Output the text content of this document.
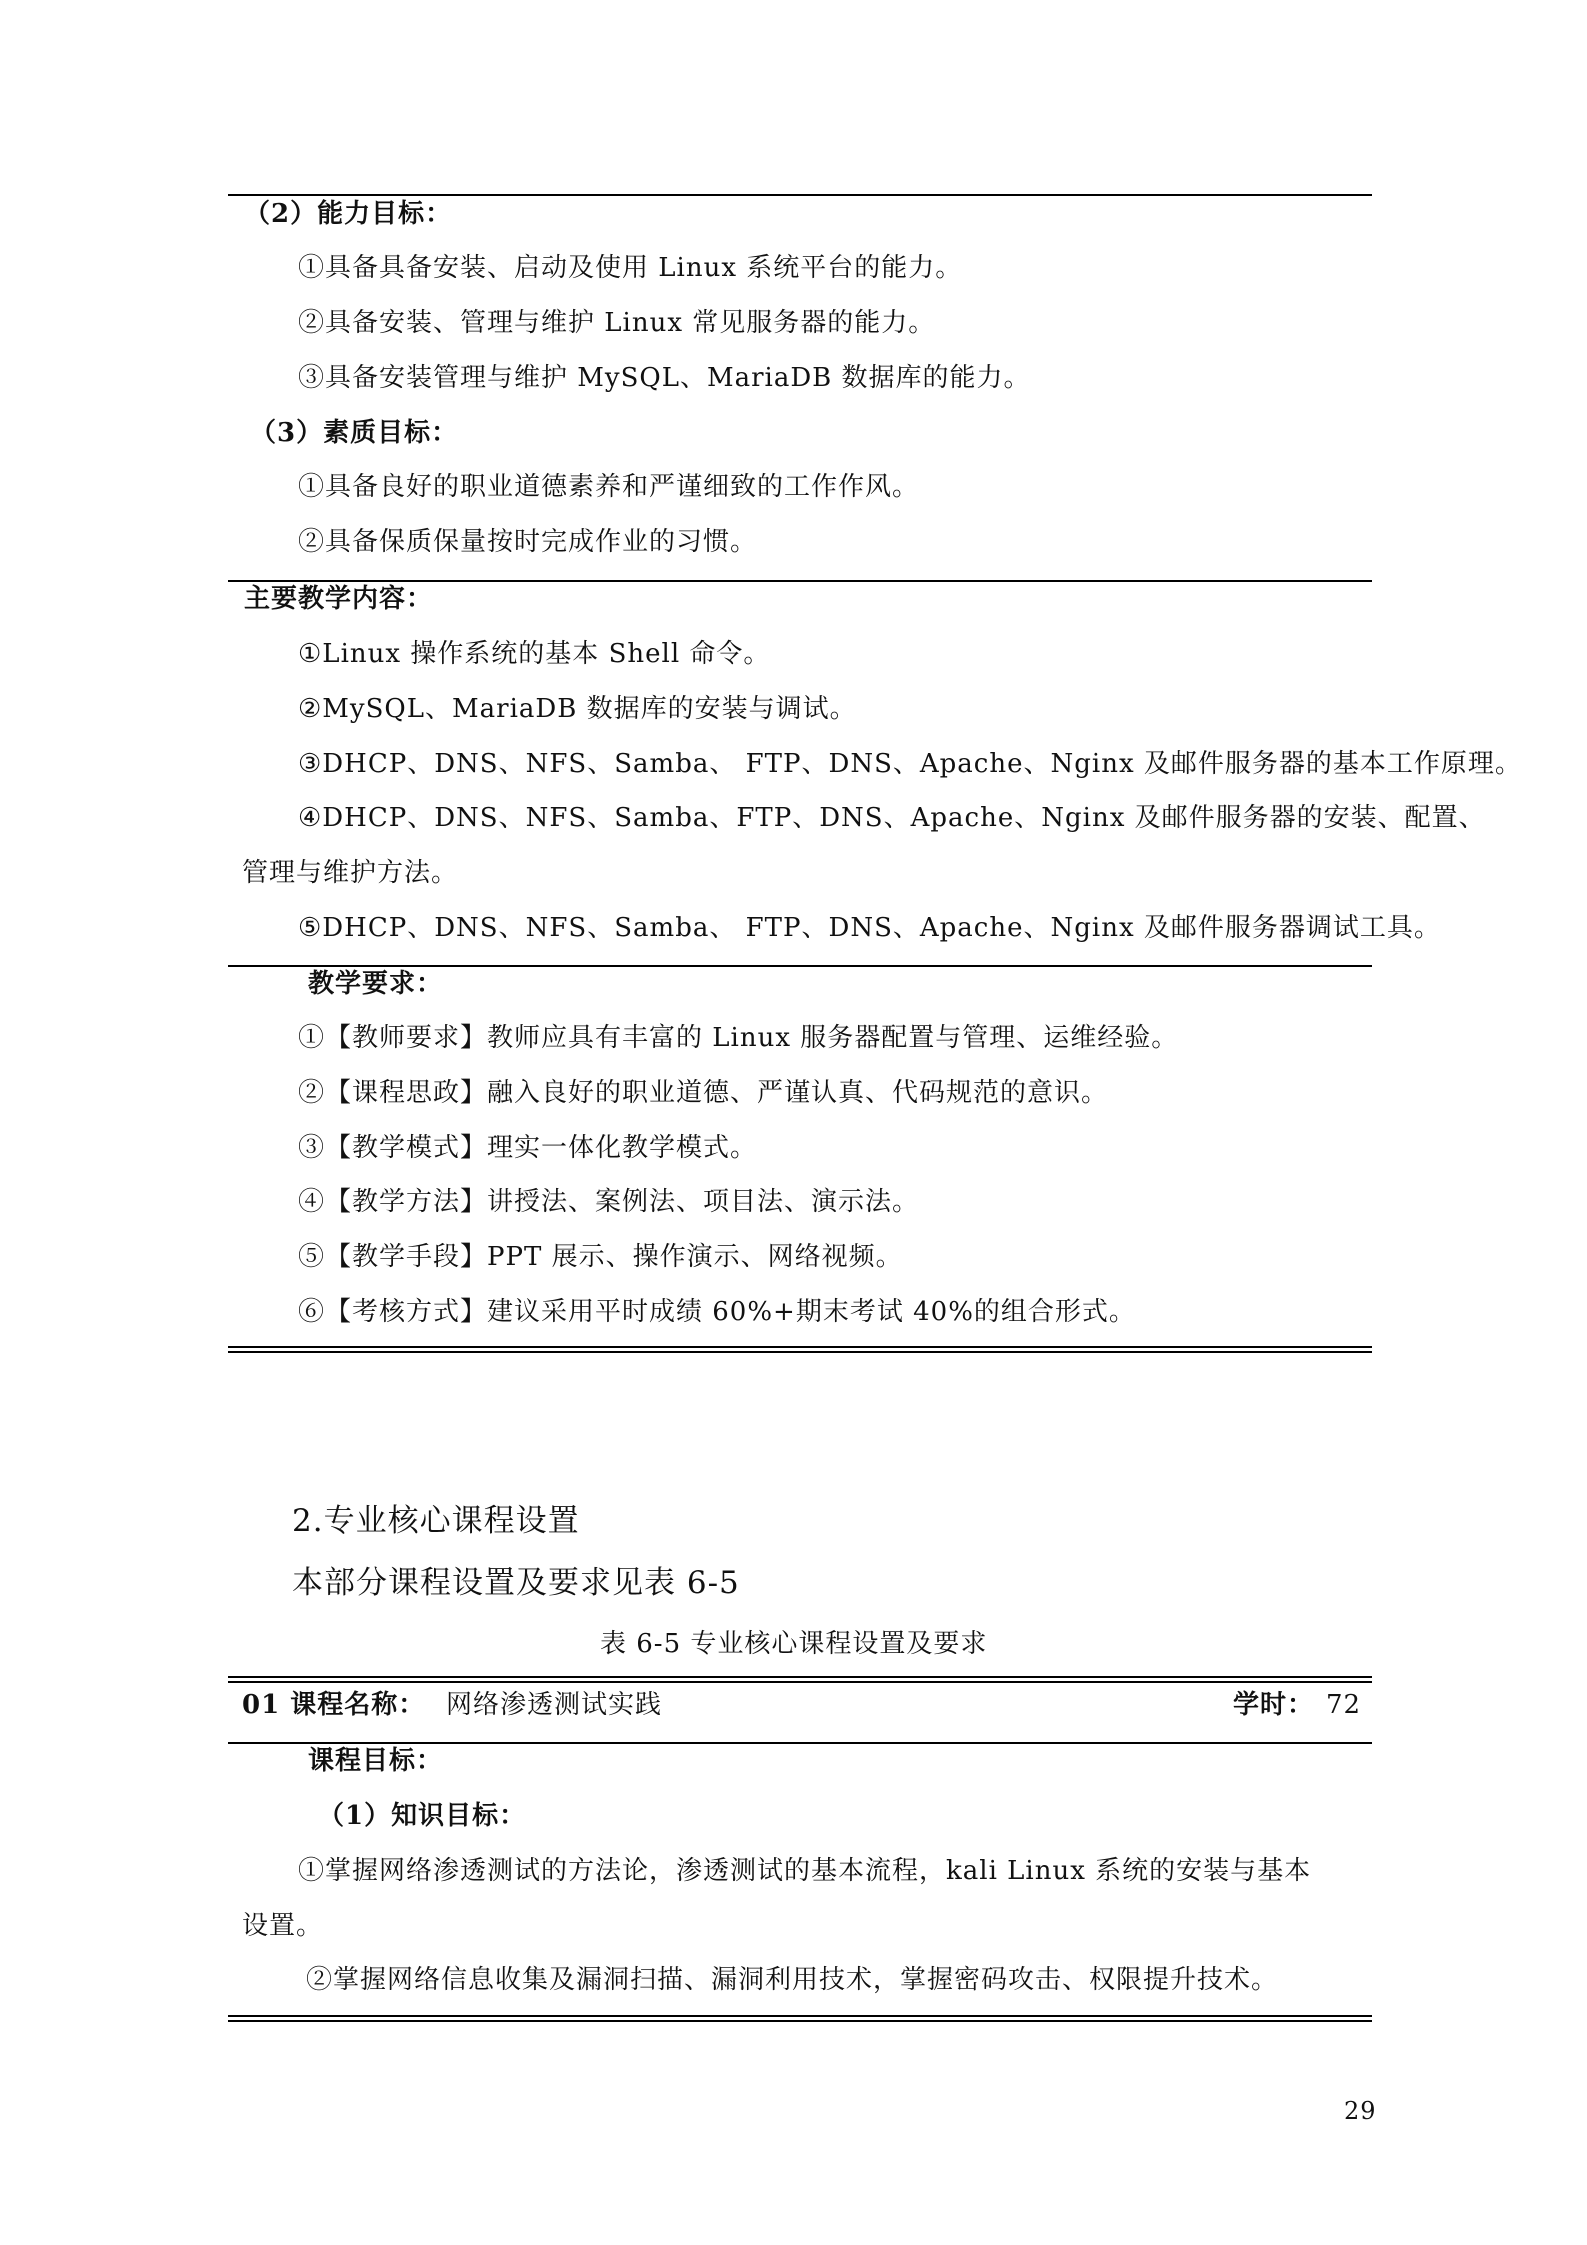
（2）能力目标：
①具备具备安装、启动及使用 Linux 系统平台的能力。
②具备安装、管理与维护 Linux 常见服务器的能力。
③具备安装管理与维护 MySQL、MariaDB 数据库的能力。
（3）素质目标：
①具备良好的职业道德素养和严谨细致的工作作风。
②具备保质保量按时完成作业的习惯。
主要教学内容：
①Linux 操作系统的基本 Shell 命令。
②MySQL、MariaDB 数据库的安装与调试。
③DHCP、DNS、NFS、Samba、 FTP、DNS、Apache、Nginx 及邮件服务器的基本工作原理。
④DHCP、DNS、NFS、Samba、FTP、DNS、Apache、Nginx 及邮件服务器的安装、配置、
管理与维护方法。
⑤DHCP、DNS、NFS、Samba、 FTP、DNS、Apache、Nginx 及邮件服务器调试工具。
教学要求：
①【教师要求】教师应具有丰富的 Linux 服务器配置与管理、运维经验。
②【课程思政】融入良好的职业道德、严谨认真、代码规范的意识。
③【教学模式】理实一体化教学模式。
④【教学方法】讲授法、案例法、项目法、演示法。
⑤【教学手段】PPT 展示、操作演示、网络视频。
⑥【考核方式】建议采用平时成绩 60%+期末考试 40%的组合形式。
2.专业核心课程设置
本部分课程设置及要求见表 6-5
表 6-5 专业核心课程设置及要求
01 课程名称： 网络渗透测试实践	学时： 72
课程目标：
（1）知识目标：
①掌握网络渗透测试的方法论，渗透测试的基本流程，kali Linux 系统的安装与基本
设置。
②掌握网络信息收集及漏洞扫描、漏洞利用技术，掌握密码攻击、权限提升技术。
29
